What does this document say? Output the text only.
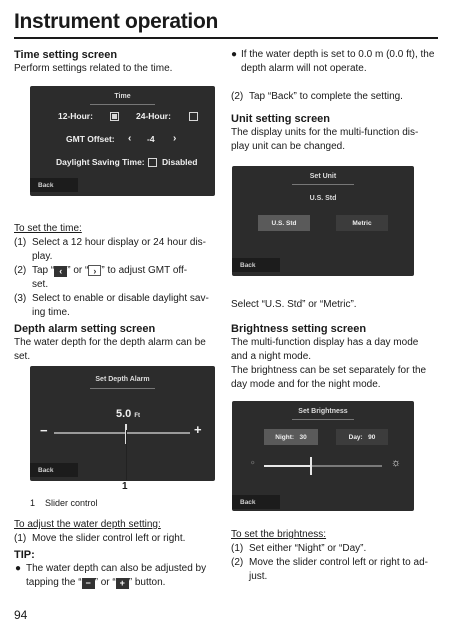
Instrument operation
Time setting screen
Perform settings related to the time.
Time
12-Hour:	24-Hour:
GMT Offset: ‹ -4 ›
Daylight Saving Time: Disabled
Back
To set the time:
(1) Select a 12 hour display or 24 hour dis-
play.
(2) Tap “ ‹ ” or “ › ” to adjust GMT off-
set.
(3) Select to enable or disable daylight sav-
ing time.
Depth alarm setting screen
The water depth for the depth alarm can be
set.
Set Depth Alarm
5.0 Ft
−	+
Back
1
1    Slider control
To adjust the water depth setting:
(1) Move the slider control left or right.
TIP:
● The water depth can also be adjusted by
tapping the “ − ” or “ + ” button.
94
● If the water depth is set to 0.0 m (0.0 ft), the
depth alarm will not operate.
(2) Tap “Back” to complete the setting.
Unit setting screen
The display units for the multi-function dis-
play unit can be changed.
Set Unit
U.S. Std
U.S. Std	Metric
Back
Select “U.S. Std” or “Metric”.
Brightness setting screen
The multi-function display has a day mode
and a night mode.
The brightness can be set separately for the
day mode and for the night mode.
Set Brightness
Night:
30	Day:
90
☼	☼
Back
To set the brightness:
(1) Set either “Night” or “Day”.
(2) Move the slider control left or right to ad-
just.
